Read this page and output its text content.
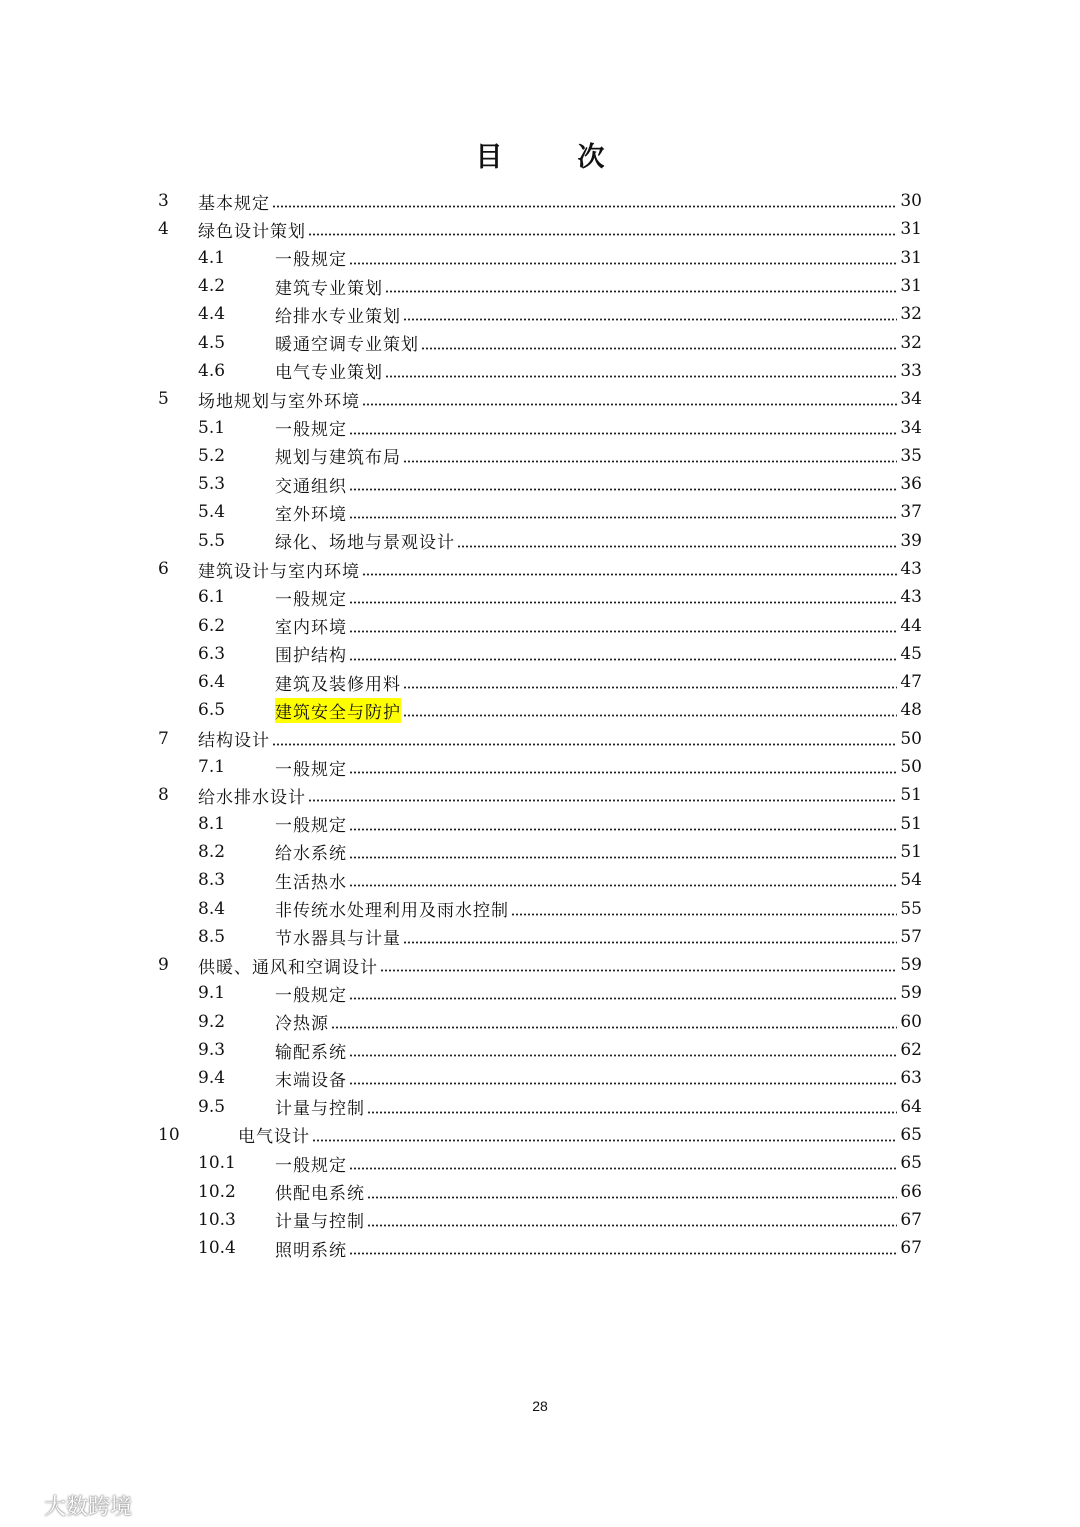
目　次
3	基本规定	30
4	绿色设计策划	31
4.1	一般规定	31
4.2	建筑专业策划	31
4.4	给排水专业策划	32
4.5	暖通空调专业策划	32
4.6	电气专业策划	33
5	场地规划与室外环境	34
5.1	一般规定	34
5.2	规划与建筑布局	35
5.3	交通组织	36
5.4	室外环境	37
5.5	绿化、场地与景观设计	39
6	建筑设计与室内环境	43
6.1	一般规定	43
6.2	室内环境	44
6.3	围护结构	45
6.4	建筑及装修用料	47
6.5	建筑安全与防护	48
7	结构设计	50
7.1	一般规定	50
8	给水排水设计	51
8.1	一般规定	51
8.2	给水系统	51
8.3	生活热水	54
8.4	非传统水处理利用及雨水控制	55
8.5	节水器具与计量	57
9	供暖、通风和空调设计	59
9.1	一般规定	59
9.2	冷热源	60
9.3	输配系统	62
9.4	末端设备	63
9.5	计量与控制	64
10	电气设计	65
10.1	一般规定	65
10.2	供配电系统	66
10.3	计量与控制	67
10.4	照明系统	67
28
大数跨境
